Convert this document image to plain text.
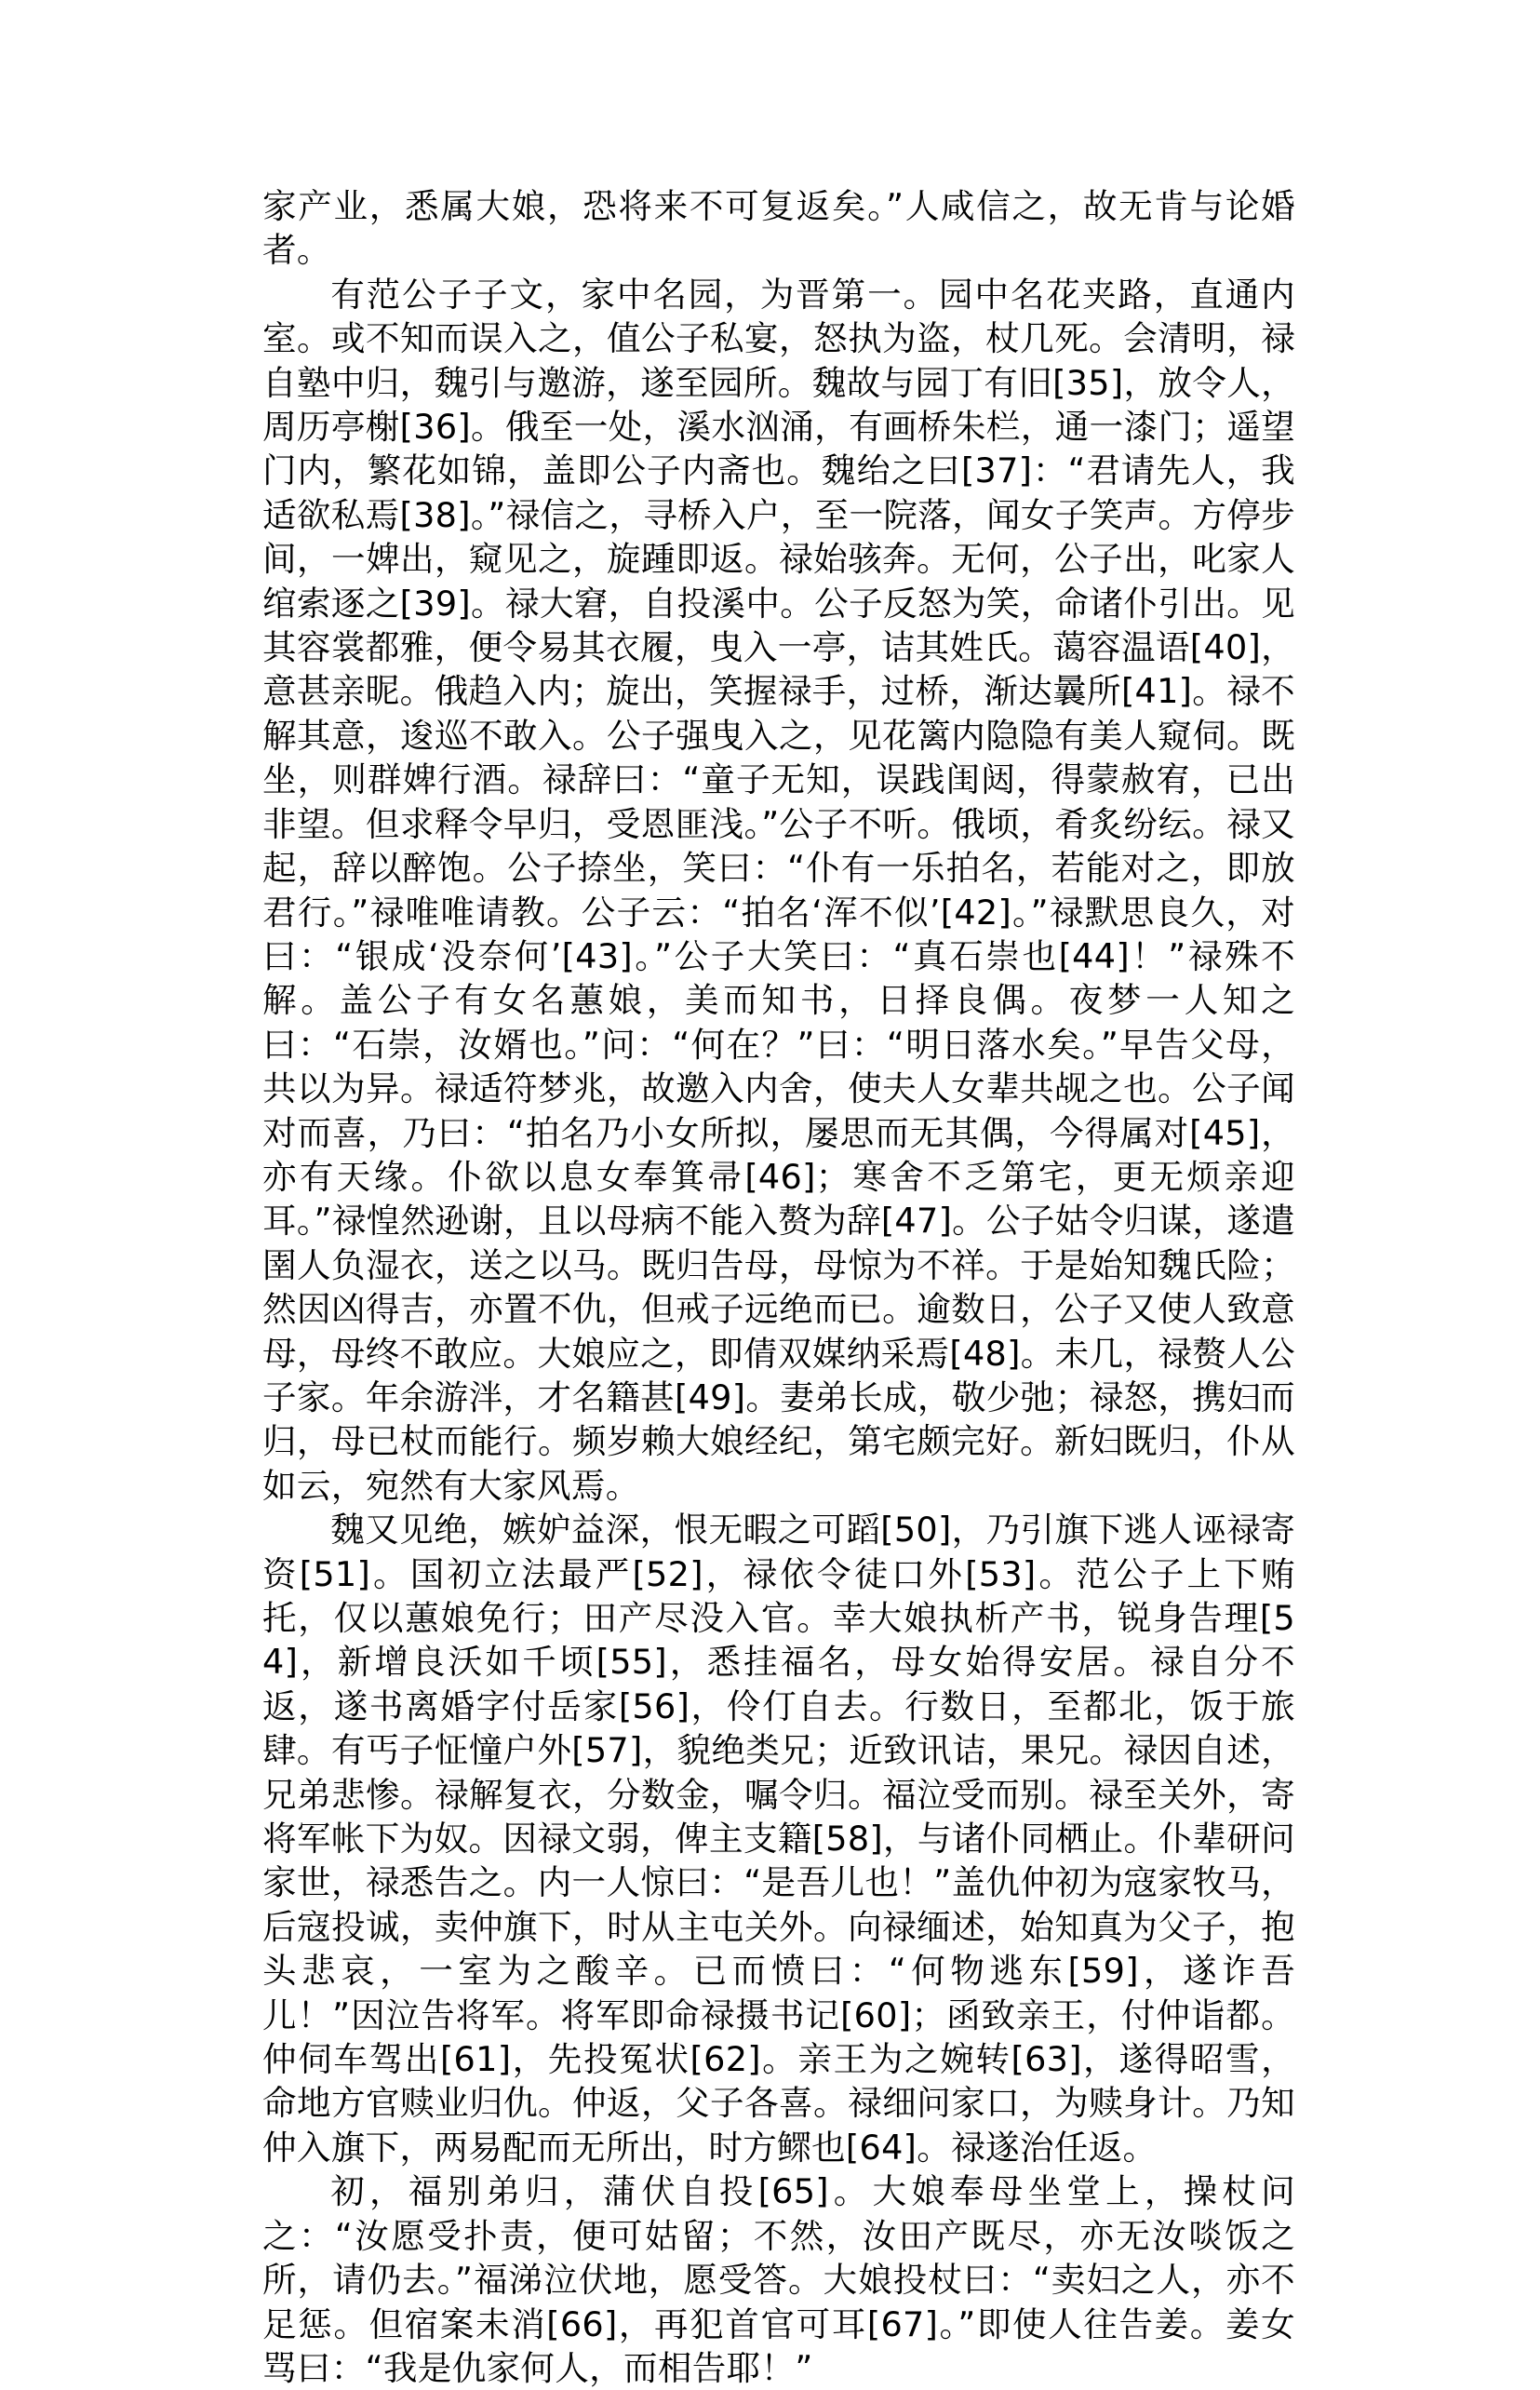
家产业，悉属大娘，恐将来不可复返矣。”人咸信之，故无肯与论婚者。

有范公子子文，家中名园，为晋第一。园中名花夹路，直通内室。或不知而误入之，值公子私宴，怒执为盗，杖几死。会清明，禄自塾中归，魏引与邀游，遂至园所。魏故与园丁有旧[35]，放令人，周历亭榭[36]。俄至一处，溪水汹涌，有画桥朱栏，通一漆门；遥望门内，繁花如锦，盖即公子内斋也。魏绐之曰[37]：“君请先人，我适欲私焉[38]。”禄信之，寻桥入户，至一院落，闻女子笑声。方停步间，一婢出，窥见之，旋踵即返。禄始骇奔。无何，公子出，叱家人绾索逐之[39]。禄大窘，自投溪中。公子反怒为笑，命诸仆引出。见其容裳都雅，便令易其衣履，曳入一亭，诘其姓氏。蔼容温语[40]，意甚亲昵。俄趋入内；旋出，笑握禄手，过桥，渐达曩所[41]。禄不解其意，逡巡不敢入。公子强曳入之，见花篱内隐隐有美人窥伺。既坐，则群婢行酒。禄辞曰：“童子无知，误践闺闼，得蒙赦宥，已出非望。但求释令早归，受恩匪浅。”公子不听。俄顷，肴炙纷纭。禄又起，辞以醉饱。公子捺坐，笑曰：“仆有一乐拍名，若能对之，即放君行。”禄唯唯请教。公子云：“拍名‘浑不似’[42]。”禄默思良久，对曰：“银成‘没奈何’[43]。”公子大笑曰：“真石崇也[44]！”禄殊不解。盖公子有女名蕙娘，美而知书，日择良偶。夜梦一人知之曰：“石崇，汝婿也。”问：“何在？”曰：“明日落水矣。”早告父母，共以为异。禄适符梦兆，故邀入内舍，使夫人女辈共觇之也。公子闻对而喜，乃曰：“拍名乃小女所拟，屡思而无其偶，今得属对[45]，亦有天缘。仆欲以息女奉箕帚[46]；寒舍不乏第宅，更无烦亲迎耳。”禄惶然逊谢，且以母病不能入赘为辞[47]。公子姑令归谋，遂遣圉人负湿衣，送之以马。既归告母，母惊为不祥。于是始知魏氏险；然因凶得吉，亦置不仇，但戒子远绝而已。逾数日，公子又使人致意母，母终不敢应。大娘应之，即倩双媒纳采焉[48]。未几，禄赘人公子家。年余游泮，才名籍甚[49]。妻弟长成，敬少弛；禄怒，携妇而归，母已杖而能行。频岁赖大娘经纪，第宅颇完好。新妇既归，仆从如云，宛然有大家风焉。

魏又见绝，嫉妒益深，恨无暇之可蹈[50]，乃引旗下逃人诬禄寄资[51]。国初立法最严[52]，禄依令徒口外[53]。范公子上下贿托，仅以蕙娘免行；田产尽没入官。幸大娘执析产书，锐身告理[54]，新增良沃如千顷[55]，悉挂福名，母女始得安居。禄自分不返，遂书离婚字付岳家[56]，伶仃自去。行数日，至都北，饭于旅肆。有丐子怔憧户外[57]，貌绝类兄；近致讯诘，果兄。禄因自述，兄弟悲惨。禄解复衣，分数金，嘱令归。福泣受而别。禄至关外，寄将军帐下为奴。因禄文弱，俾主支籍[58]，与诸仆同栖止。仆辈研问家世，禄悉告之。内一人惊曰：“是吾儿也！”盖仇仲初为寇家牧马，后寇投诚，卖仲旗下，时从主屯关外。向禄缅述，始知真为父子，抱头悲哀，一室为之酸辛。已而愤曰：“何物逃东[59]，遂诈吾儿！”因泣告将军。将军即命禄摄书记[60]；函致亲王，付仲诣都。仲伺车驾出[61]，先投冤状[62]。亲王为之婉转[63]，遂得昭雪，命地方官赎业归仇。仲返，父子各喜。禄细问家口，为赎身计。乃知仲入旗下，两易配而无所出，时方鳏也[64]。禄遂治任返。

初，福别弟归，蒲伏自投[65]。大娘奉母坐堂上，操杖问之：“汝愿受扑责，便可姑留；不然，汝田产既尽，亦无汝啖饭之所，请仍去。”福涕泣伏地，愿受答。大娘投杖曰：“卖妇之人，亦不足惩。但宿案未消[66]，再犯首官可耳[67]。”即使人往告姜。姜女骂曰：“我是仇家何人，而相告耶！”
